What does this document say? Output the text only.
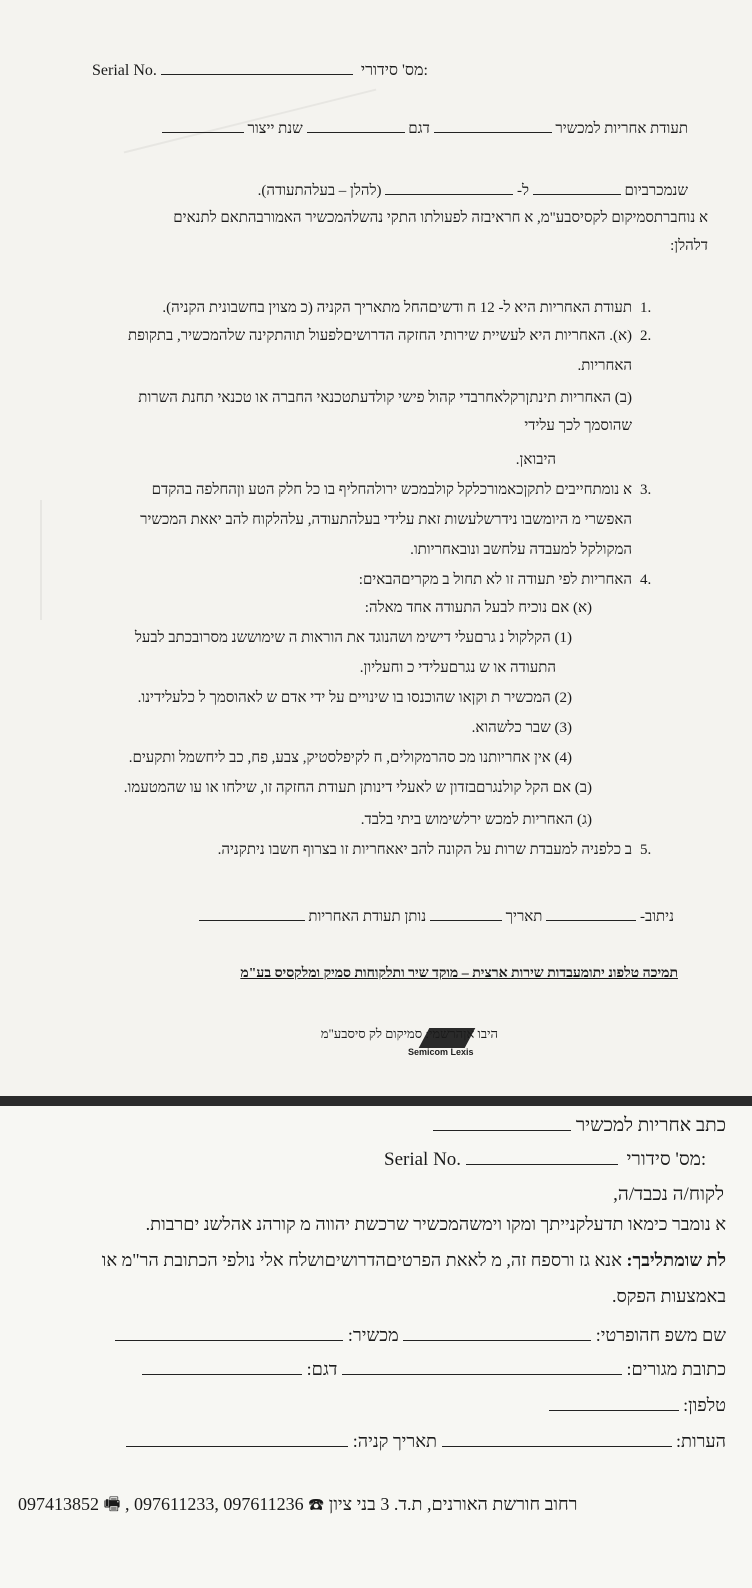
Serial No.	מס' סידורי:
תעודת אחריות למכשיר  דגם  שנת ייצור
שנמכרביום  ל-  (להלן – בעלהתעודה).
א נוחברתסמיקום לקסיסבע"מ, א חראיבזה לפעולתו התקי נהשלהמכשיר האמורבהתאם לתנאים
דלהלן:
1.
תעודת האחריות היא ל- 12 ח ודשיםהחל מתאריך הקניה (כ מצוין בחשבונית הקניה).
2.
(א). האחריות היא לעשיית שירותי החזקה הדרושיםלפעול תוהתקינה שלהמכשיר, בתקופת
האחריות.
(ב) האחריות תינתןרקלאחרבדי קהול פישי קולדעתטכנאי החברה או טכנאי תחנת השרות
שהוסמך לכך עלידי
היבואן.
3.
א נומתחייבים לתקןכאמורכלקל קולבמכש ירולהחליף בו כל חלק הטע וןהחלפה בהקדם
האפשרי מ היומשבו נידרשלעשות זאת עלידי בעלהתעודה, עלהלקוח להב יאאת המכשיר
המקולקל למעבדה עלחשב ונובאחריותו.
4.
האחריות לפי תעודה זו לא תחול ב מקריםהבאים:
(א) אם נוכיח לבעל התעודה אחד מאלה:
(1) הקלקול נ גרםעלי דישימ ושהנוגד את הוראות ה שימוששנ מסרובכתב לבעל
התעודה או ש נגרםעלידי כ וחעליון.
(2) המכשיר ת וקןאו שהוכנסו בו שינויים על ידי אדם ש לאהוסמך ל כלעלידינו.
(3) שבר כלשהוא.
(4) אין אחריותנו מכ סהרמקולים, ח לקיפלסטיק, צבע, פח, כב ליחשמל ותקעים.
(ב) אם הקל קולנגרםבזדון ש לאעלי דינותן תעודת החזקה זו, שילחו או עו שהמטעמו.
(ג) האחריות למכש ירלשימוש ביתי בלבד.
5.
ב כלפניה למעבדת שרות על הקונה להב יאאחריות זו בצרוף חשבו ניתקניה.
ניתוב-  תאריך  נותן תעודת האחריות
תמיכה טלפונ יתומעבדות שירות ארצית – מוקד שיר ותלקוחות סמיק ומלקסיס בע"מ
Semicom Lexis
היבו אןהרשמי: סמיקום לק סיסבע"מ
כתב אחריות למכשיר
Serial No.	מס' סידורי:
לקוח/ה נכבד/ה,
א נומבר כימאו תדעלקנייתך ומקו וימשהמכשיר שרכשת יהווה מ קורהנ אהלשנ יםרבות.
לת שומתליבך: אנא גז ורספח זה, מ לאאת הפרטיםהדרושיםושלח אלי נולפי הכתובת הר"מ או
באמצעות הפקס.
שם משפ חהופרטי:  מכשיר:
כתובת מגורים:  דגם:
טלפון:
הערות:  תאריך קניה:
097413852 🖷 , 097611233, 097611236 ☎ רחוב חורשת האורנים, ת.ד. 3 בני ציון
